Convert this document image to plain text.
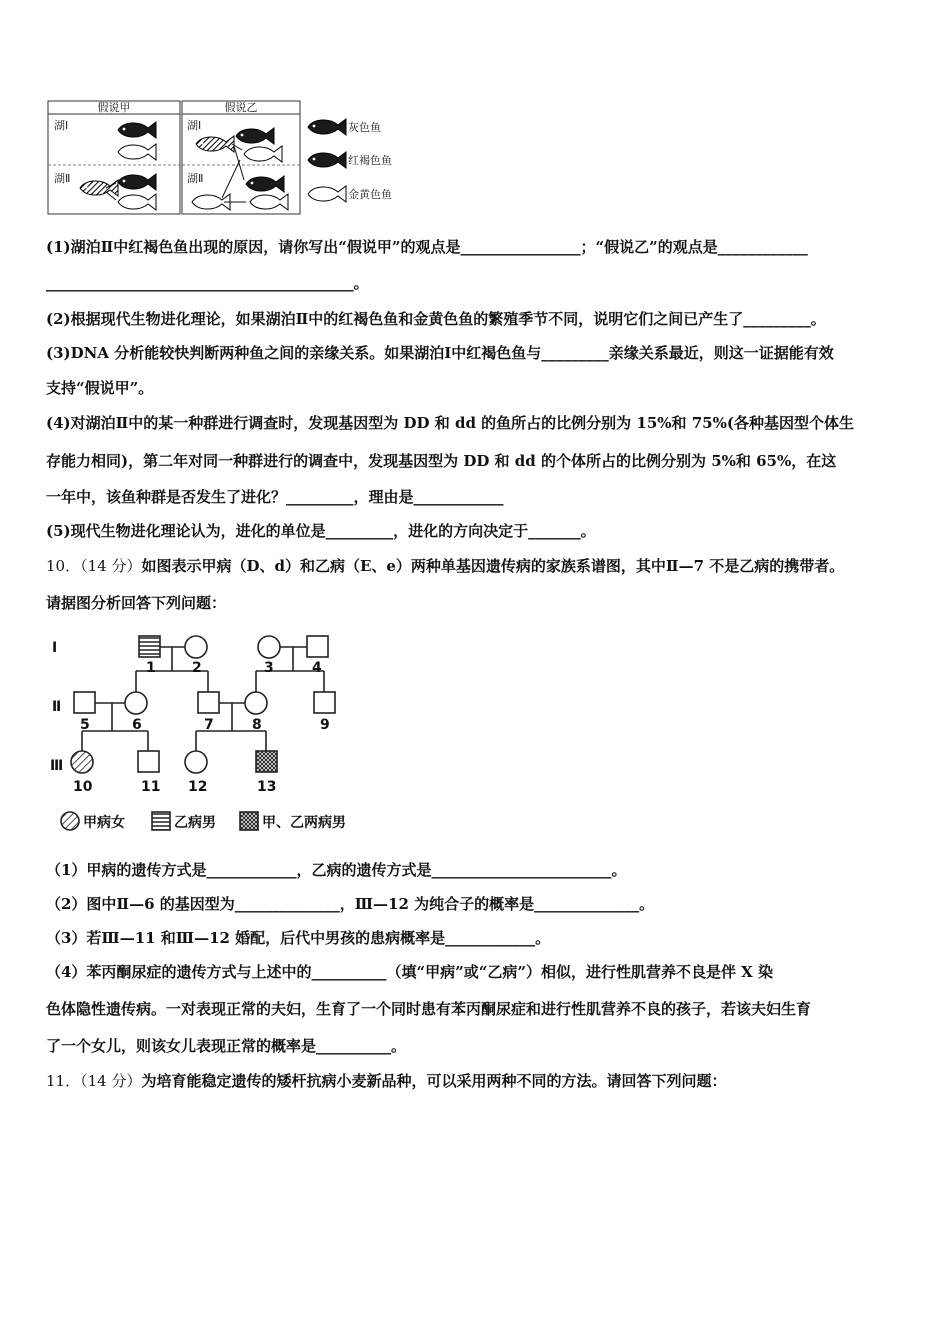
假说甲
湖Ⅰ
湖Ⅱ
假说乙
湖Ⅰ
湖Ⅱ
灰色鱼
红褐色鱼
金黄色鱼
(1)湖泊Ⅱ中红褐色鱼出现的原因，请你写出“假说甲”的观点是________________；“假说乙”的观点是____________
_________________________________________。
(2)根据现代生物进化理论，如果湖泊Ⅱ中的红褐色鱼和金黄色鱼的繁殖季节不同，说明它们之间已产生了_________。
(3)DNA 分析能较快判断两种鱼之间的亲缘关系。如果湖泊Ⅰ中红褐色鱼与_________亲缘关系最近，则这一证据能有效
支持“假说甲”。
(4)对湖泊Ⅱ中的某一种群进行调查时，发现基因型为 DD 和 dd 的鱼所占的比例分别为 15%和 75%(各种基因型个体生
存能力相同)，第二年对同一种群进行的调查中，发现基因型为 DD 和 dd 的个体所占的比例分别为 5%和 65%，在这
一年中，该鱼种群是否发生了进化？_________，理由是____________
(5)现代生物进化理论认为，进化的单位是_________，进化的方向决定于_______。
10．（14 分）如图表示甲病（D、d）和乙病（E、e）两种单基因遗传病的家族系谱图，其中Ⅱ—7 不是乙病的携带者。
请据图分析回答下列问题：
Ⅰ
Ⅱ
Ⅲ
1	2	3	4
5	6	7	8	9
10	11 12	13
甲病女	乙病男	甲、乙两病男
（1）甲病的遗传方式是____________，乙病的遗传方式是________________________。
（2）图中Ⅱ—6 的基因型为______________，Ⅲ—12 为纯合子的概率是______________。
（3）若Ⅲ—11 和Ⅲ—12 婚配，后代中男孩的患病概率是____________。
（4）苯丙酮尿症的遗传方式与上述中的__________（填“甲病”或“乙病”）相似，进行性肌营养不良是伴 X 染
色体隐性遗传病。一对表现正常的夫妇，生育了一个同时患有苯丙酮尿症和进行性肌营养不良的孩子，若该夫妇生育
了一个女儿，则该女儿表现正常的概率是__________。
11．（14 分）为培育能稳定遗传的矮杆抗病小麦新品种，可以采用两种不同的方法。请回答下列问题：
